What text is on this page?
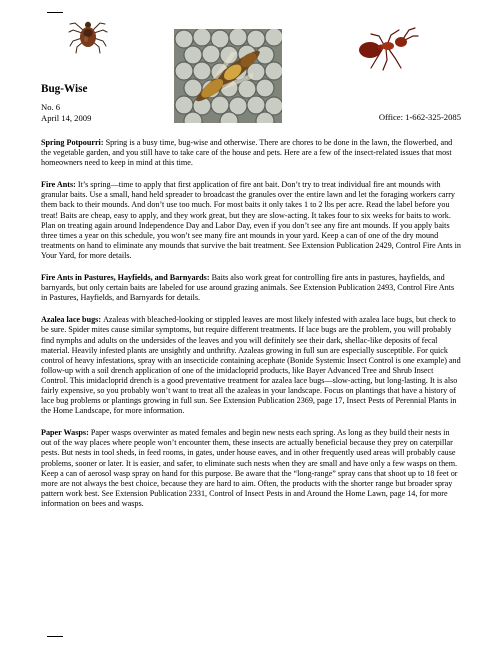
Bug-Wise
No. 6
April 14, 2009	Office: 1-662-325-2085

Spring Potpourri: Spring is a busy time, bug-wise and otherwise. There are chores to be done in the lawn, the flowerbed, and the vegetable garden, and you still have to take care of the house and pets. Here are a few of the insect-related issues that most homeowners need to keep in mind at this time.

Fire Ants: It’s spring—time to apply that first application of fire ant bait. Don’t try to treat individual fire ant mounds with granular baits. Use a small, hand held spreader to broadcast the granules over the entire lawn and let the foraging workers carry them back to their mounds. And don’t use too much. For most baits it only takes 1 to 2 lbs per acre. Read the label before you treat! Baits are cheap, easy to apply, and they work great, but they are slow-acting. It takes four to six weeks for baits to work. Plan on treating again around Independence Day and Labor Day, even if you don’t see any fire ant mounds. If you apply baits three times a year on this schedule, you won’t see many fire ant mounds in your yard. Keep a can of one of the dry mound treatments on hand to eliminate any mounds that survive the bait treatment. See Extension Publication 2429, Control Fire Ants in Your Yard, for more details.

Fire Ants in Pastures, Hayfields, and Barnyards: Baits also work great for controlling fire ants in pastures, hayfields, and barnyards, but only certain baits are labeled for use around grazing animals. See Extension Publication 2493, Control Fire Ants in Pastures, Hayfields, and Barnyards for details.

Azalea lace bugs: Azaleas with bleached-looking or stippled leaves are most likely infested with azalea lace bugs, but check to be sure. Spider mites cause similar symptoms, but require different treatments. If lace bugs are the problem, you will probably find nymphs and adults on the undersides of the leaves and you will definitely see their dark, shellac-like deposits of fecal material. Heavily infested plants are unsightly and unthrifty. Azaleas growing in full sun are especially susceptible. For quick control of heavy infestations, spray with an insecticide containing acephate (Bonide Systemic Insect Control is one example) and follow-up with a soil drench application of one of the imidacloprid products, like Bayer Advanced Tree and Shrub Insect Control. This imidacloprid drench is a good preventative treatment for azalea lace bugs—slow-acting, but long-lasting. It is also fairly expensive, so you probably won’t want to treat all the azaleas in your landscape. Focus on plantings that have a history of lace bug problems or plantings growing in full sun. See Extension Publication 2369, page 17, Insect Pests of Perennial Plants in the Home Landscape, for more information.

Paper Wasps: Paper wasps overwinter as mated females and begin new nests each spring. As long as they build their nests in out of the way places where people won’t encounter them, these insects are actually beneficial because they prey on caterpillar pests. But nests in tool sheds, in feed rooms, in gates, under house eaves, and in other frequently used areas will probably cause problems, sooner or later. It is easier, and safer, to eliminate such nests when they are small and have only a few wasps on them. Keep a can of aerosol wasp spray on hand for this purpose. Be aware that the “long-range” spray cans that shoot up to 18 feet or more are not always the best choice, because they are hard to aim. Often, the products with the shorter range but broader spray pattern work best. See Extension Publication 2331, Control of Insect Pests in and Around the Home Lawn, page 14, for more information on bees and wasps.
